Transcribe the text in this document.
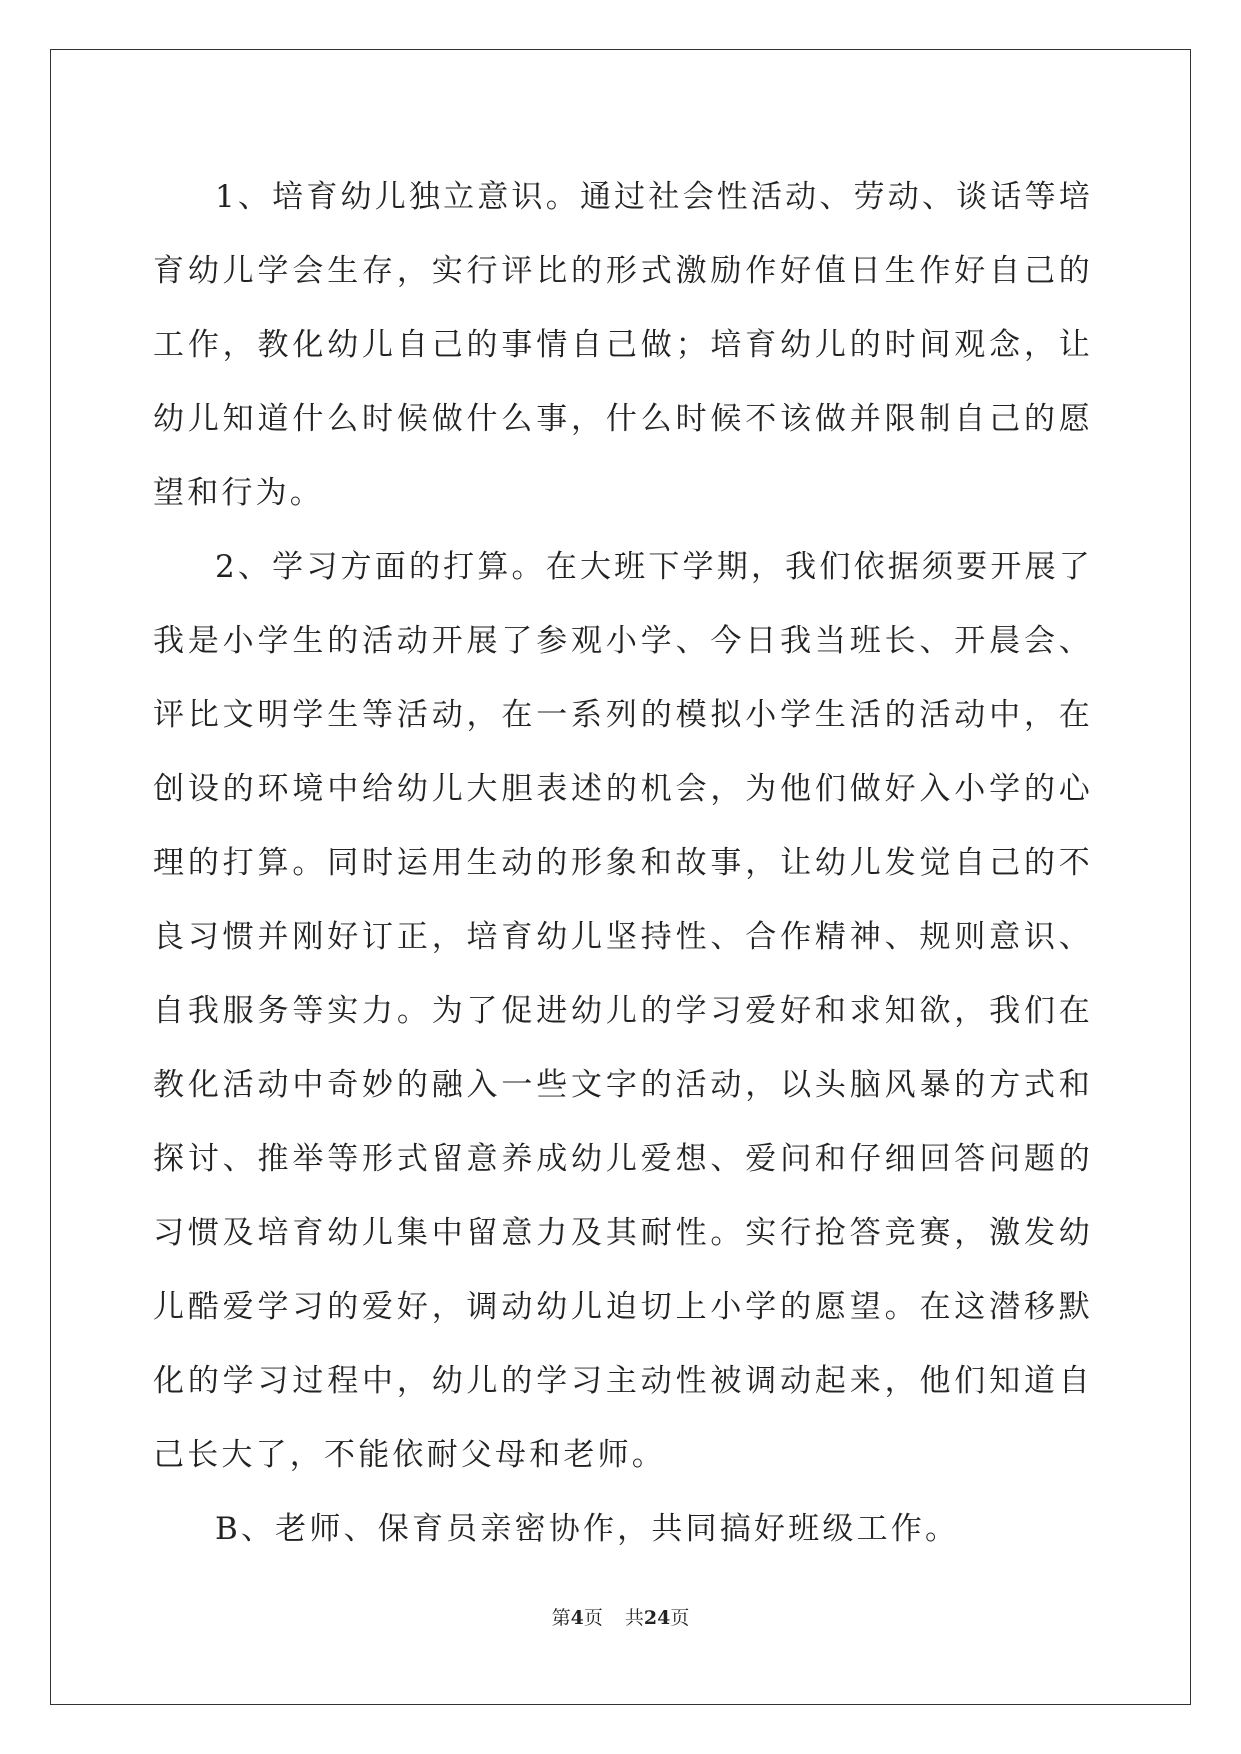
1、培育幼儿独立意识。通过社会性活动、劳动、谈话等培育幼儿学会生存，实行评比的形式激励作好值日生作好自己的工作，教化幼儿自己的事情自己做；培育幼儿的时间观念，让幼儿知道什么时候做什么事，什么时候不该做并限制自己的愿望和行为。

2、学习方面的打算。在大班下学期，我们依据须要开展了我是小学生的活动开展了参观小学、今日我当班长、开晨会、评比文明学生等活动，在一系列的模拟小学生活的活动中，在创设的环境中给幼儿大胆表述的机会，为他们做好入小学的心理的打算。同时运用生动的形象和故事，让幼儿发觉自己的不良习惯并刚好订正，培育幼儿坚持性、合作精神、规则意识、自我服务等实力。为了促进幼儿的学习爱好和求知欲，我们在教化活动中奇妙的融入一些文字的活动，以头脑风暴的方式和探讨、推举等形式留意养成幼儿爱想、爱问和仔细回答问题的习惯及培育幼儿集中留意力及其耐性。实行抢答竞赛，激发幼儿酷爱学习的爱好，调动幼儿迫切上小学的愿望。在这潜移默化的学习过程中，幼儿的学习主动性被调动起来，他们知道自己长大了，不能依耐父母和老师。

B、老师、保育员亲密协作，共同搞好班级工作。

第4页 共24页
